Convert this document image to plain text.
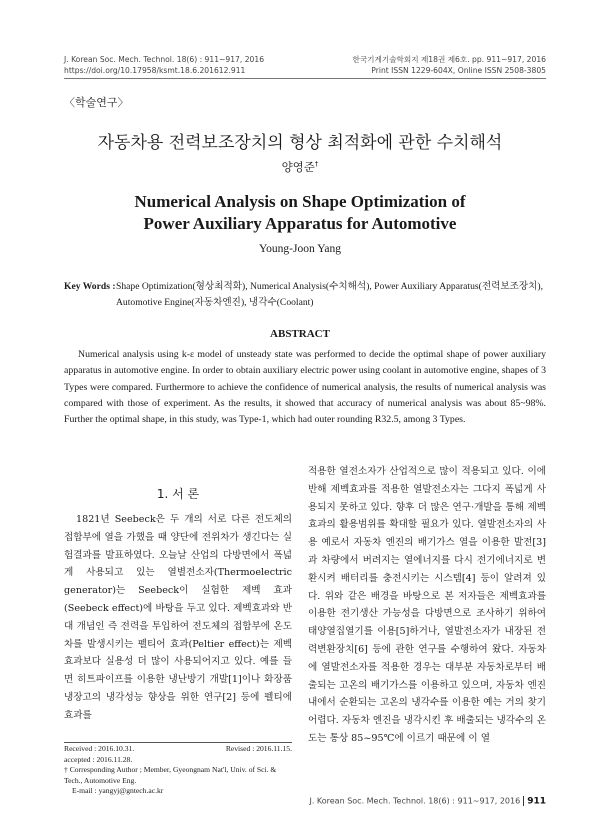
J. Korean Soc. Mech. Technol. 18(6) : 911~917, 2016
https://doi.org/10.17958/ksmt.18.6.201612.911
한국기계기술학회지 제18권 제6호. pp. 911~917, 2016
Print ISSN 1229-604X, Online ISSN 2508-3805
〈학술연구〉
자동차용 전력보조장치의 형상 최적화에 관한 수치해석
양영준†
Numerical Analysis on Shape Optimization of
Power Auxiliary Apparatus for Automotive
Young-Joon Yang
Key Words : Shape Optimization(형상최적화), Numerical Analysis(수치해석), Power Auxiliary Apparatus(전력보조장치), Automotive Engine(자동차엔진), 냉각수(Coolant)
ABSTRACT

Numerical analysis using k-ε model of unsteady state was performed to decide the optimal shape of power auxiliary apparatus in automotive engine. In order to obtain auxiliary electric power using coolant in automotive engine, shapes of 3 Types were compared. Furthermore to achieve the confidence of numerical analysis, the results of numerical analysis was compared with those of experiment. As the results, it showed that accuracy of numerical analysis was about 85~98%. Further the optimal shape, in this study, was Type-1, which had outer rounding R32.5, among 3 Types.

1. 서 론

1821년 Seebeck은 두 개의 서로 다른 전도체의 접합부에 열을 가했을 때 양단에 전위차가 생긴다는 실험결과를 발표하였다. 오늘날 산업의 다방면에서 폭넓게 사용되고 있는 열별전소자(Thermoelectric generator)는 Seebeck이 실험한 제벡 효과(Seebeck effect)에 바탕을 두고 있다. 제벡효과와 반대 개념인 즉 전력을 투입하여 전도체의 접합부에 온도차를 발생시키는 펠티어 효과(Peltier effect)는 제벡효과보다 실용성 더 많이 사용되어지고 있다. 예를 들면 히트파이프를 이용한 냉난방기 개발[1]이나 화장품 냉장고의 냉각성능 향상을 위한 연구[2] 등에 펠티에 효과를

적용한 열전소자가 산업적으로 많이 적용되고 있다. 이에 반해 제벡효과를 적용한 열발전소자는 그다지 폭넓게 사용되지 못하고 있다. 향후 더 많은 연구·개발을 통해 제벡효과의 활용범위를 확대할 필요가 있다. 열발전소자의 사용 예로서 자동차 엔진의 배기가스 열을 이용한 발전[3]과 차량에서 버려지는 열에너지를 다시 전기에너지로 변환시켜 배터리를 충전시키는 시스템[4] 등이 알려져 있다. 위와 같은 배경을 바탕으로 본 저자들은 제벡효과를 이용한 전기생산 가능성을 다방면으로 조사하기 위하여 태양열집열기를 이용[5]하거나, 열발전소자가 내장된 전력변환장치[6] 등에 관한 연구를 수행하여 왔다. 자동차에 열발전소자를 적용한 경우는 대부분 자동차로부터 배출되는 고온의 배기가스를 이용하고 있으며, 자동차 엔진 내에서 순환되는 고온의 냉각수를 이용한 예는 거의 찾기 어렵다. 자동차 엔진을 냉각시킨 후 배출되는 냉각수의 온도는 통상 85~95℃에 이르기 때문에 이 열

Received : 2016.10.31.	Revised : 2016.11.15.
accepted : 2016.11.28.
† Corresponding Author ; Member, Gyeongnam Nat'l, Univ. of Sci. & Tech., Automotive Eng.
E-mail : yangyj@gntech.ac.kr
J. Korean Soc. Mech. Technol. 18(6) : 911~917, 2016 911
